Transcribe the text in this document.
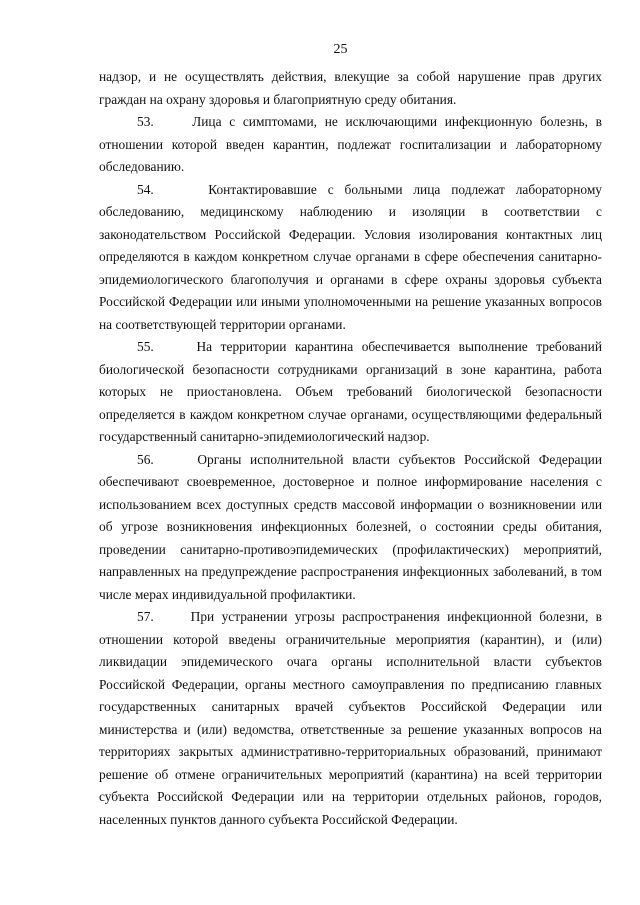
25

надзор, и не осуществлять действия, влекущие за собой нарушение прав других граждан на охрану здоровья и благоприятную среду обитания.

53.	Лица с симптомами, не исключающими инфекционную болезнь, в отношении которой введен карантин, подлежат госпитализации и лабораторному обследованию.

54.	Контактировавшие с больными лица подлежат лабораторному обследованию, медицинскому наблюдению и изоляции в соответствии с законодательством Российской Федерации. Условия изолирования контактных лиц определяются в каждом конкретном случае органами в сфере обеспечения санитарно-эпидемиологического благополучия и органами в сфере охраны здоровья субъекта Российской Федерации или иными уполномоченными на решение указанных вопросов на соответствующей территории органами.

55.	На территории карантина обеспечивается выполнение требований биологической безопасности сотрудниками организаций в зоне карантина, работа которых не приостановлена. Объем требований биологической безопасности определяется в каждом конкретном случае органами, осуществляющими федеральный государственный санитарно-эпидемиологический надзор.

56.	Органы исполнительной власти субъектов Российской Федерации обеспечивают своевременное, достоверное и полное информирование населения с использованием всех доступных средств массовой информации о возникновении или об угрозе возникновения инфекционных болезней, о состоянии среды обитания, проведении санитарно-противоэпидемических (профилактических) мероприятий, направленных на предупреждение распространения инфекционных заболеваний, в том числе мерах индивидуальной профилактики.

57.	При устранении угрозы распространения инфекционной болезни, в отношении которой введены ограничительные мероприятия (карантин), и (или) ликвидации эпидемического очага органы исполнительной власти субъектов Российской Федерации, органы местного самоуправления по предписанию главных государственных санитарных врачей субъектов Российской Федерации или министерства и (или) ведомства, ответственные за решение указанных вопросов на территориях закрытых административно-территориальных образований, принимают решение об отмене ограничительных мероприятий (карантина) на всей территории субъекта Российской Федерации или на территории отдельных районов, городов, населенных пунктов данного субъекта Российской Федерации.
